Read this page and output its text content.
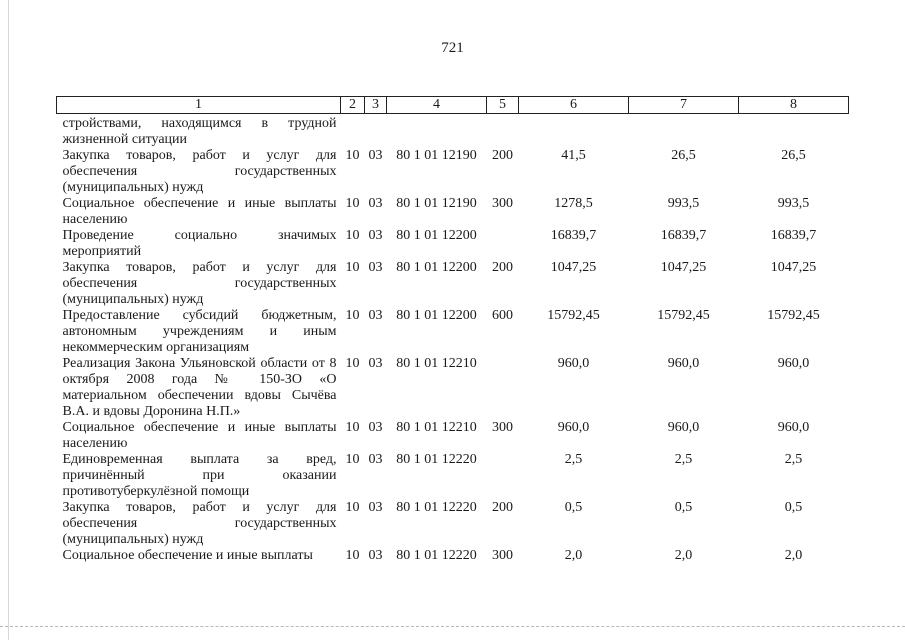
721
1	2	3	4	5	6	7	8
стройствами, находящимся в трудной жизненной ситуации							
Закупка товаров, работ и услуг для обеспечения государственных (муниципальных) нужд	10	03	80 1 01 12190	200	41,5	26,5	26,5
Социальное обеспечение и иные выплаты населению	10	03	80 1 01 12190	300	1278,5	993,5	993,5
Проведение социально значимых мероприятий	10	03	80 1 01 12200		16839,7	16839,7	16839,7
Закупка товаров, работ и услуг для обеспечения государственных (муниципальных) нужд	10	03	80 1 01 12200	200	1047,25	1047,25	1047,25
Предоставление субсидий бюджетным, автономным учреждениям и иным некоммерческим организациям	10	03	80 1 01 12200	600	15792,45	15792,45	15792,45
Реализация Закона Ульяновской области от 8 октября 2008 года № 150-ЗО «О материальном обеспечении вдовы Сычёва В.А. и вдовы Доронина Н.П.»	10	03	80 1 01 12210		960,0	960,0	960,0
Социальное обеспечение и иные выплаты населению	10	03	80 1 01 12210	300	960,0	960,0	960,0
Единовременная выплата за вред, причинённый при оказании противотуберкулёзной помощи	10	03	80 1 01 12220		2,5	2,5	2,5
Закупка товаров, работ и услуг для обеспечения государственных (муниципальных) нужд	10	03	80 1 01 12220	200	0,5	0,5	0,5
Социальное обеспечение и иные выплаты	10	03	80 1 01 12220	300	2,0	2,0	2,0
